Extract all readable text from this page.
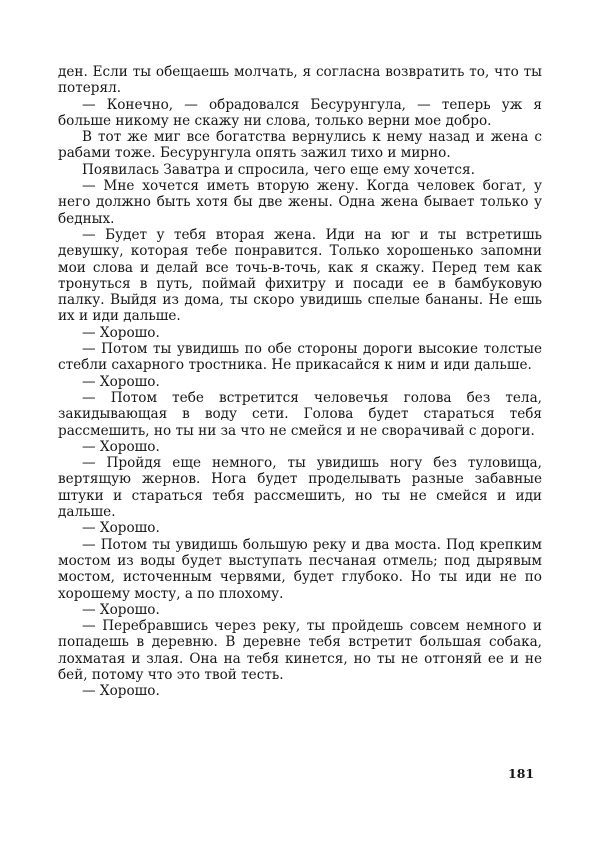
ден. Если ты обещаешь молчать, я согласна возвратить то, что ты потерял.

— Конечно, — обрадовался Бесурунгула, — теперь уж я больше никому не скажу ни слова, только верни мое добро.

В тот же миг все богатства вернулись к нему назад и жена с рабами тоже. Бесурунгула опять зажил тихо и мирно.

Появилась Заватра и спросила, чего еще ему хочется.

— Мне хочется иметь вторую жену. Когда человек богат, у него должно быть хотя бы две жены. Одна жена бывает только у бедных.

— Будет у тебя вторая жена. Иди на юг и ты встретишь девушку, которая тебе понравится. Только хорошенько запомни мои слова и делай все точь-в-точь, как я скажу. Перед тем как тронуться в путь, поймай фихитру и посади ее в бамбуковую палку. Выйдя из дома, ты скоро увидишь спелые бананы. Не ешь их и иди дальше.

— Хорошо.

— Потом ты увидишь по обе стороны дороги высокие толстые стебли сахарного тростника. Не прикасайся к ним и иди дальше.

— Хорошо.

— Потом тебе встретится человечья голова без тела, закидывающая в воду сети. Голова будет стараться тебя рассмешить, но ты ни за что не смейся и не сворачивай с дороги.

— Хорошо.

— Пройдя еще немного, ты увидишь ногу без туловища, вертящую жернов. Нога будет проделывать разные забавные штуки и стараться тебя рассмешить, но ты не смейся и иди дальше.

— Хорошо.

— Потом ты увидишь большую реку и два моста. Под крепким мостом из воды будет выступать песчаная отмель; под дырявым мостом, источенным червями, будет глубоко. Но ты иди не по хорошему мосту, а по плохому.

— Хорошо.

— Перебравшись через реку, ты пройдешь совсем немного и попадешь в деревню. В деревне тебя встретит большая собака, лохматая и злая. Она на тебя кинется, но ты не отгоняй ее и не бей, потому что это твой тесть.

— Хорошо.

181
